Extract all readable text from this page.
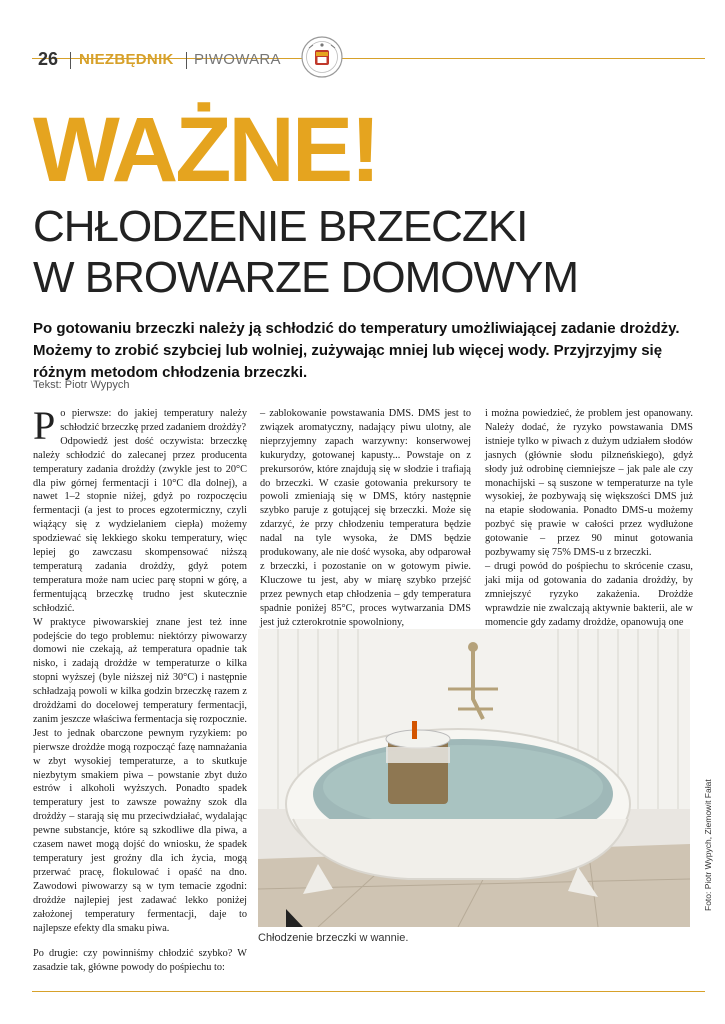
26 NIEZBĘDNIK PIWOWARA
WAŻNE!
CHŁODZENIE BRZECZKI
W BROWARZE DOMOWYM
Po gotowaniu brzeczki należy ją schłodzić do temperatury umożliwiającej zadanie drożdży. Możemy to zrobić szybciej lub wolniej, zużywając mniej lub więcej wody. Przyjrzyjmy się różnym metodom chłodzenia brzeczki.
Tekst: Piotr Wypych

Po pierwsze: do jakiej temperatury należy schłodzić brzeczkę przed zadaniem drożdży?

Odpowiedź jest dość oczywista: brzeczkę należy schłodzić do zalecanej przez producenta temperatury zadania drożdży (zwykle jest to 20°C dla piw górnej fermentacji i 10°C dla dolnej), a nawet 1–2 stopnie niżej, gdyż po rozpoczęciu fermentacji (a jest to proces egzotermiczny, czyli wiążący się z wydzielaniem ciepła) możemy spodziewać się lekkiego skoku temperatury, więc lepiej go zawczasu skompensować niższą temperaturą zadania drożdży, gdyż potem temperatura może nam uciec parę stopni w górę, a fermentującą brzeczkę trudno jest skutecznie schłodzić.

W praktyce piwowarskiej znane jest też inne podejście do tego problemu: niektórzy piwowarzy domowi nie czekają, aż temperatura opadnie tak nisko, i zadają drożdże w temperaturze o kilka stopni wyższej (byle niższej niż 30°C) i następnie schładzają powoli w kilka godzin brzeczkę razem z drożdżami do docelowej temperatury fermentacji, zanim jeszcze właściwa fermentacja się rozpocznie. Jest to jednak obarczone pewnym ryzykiem: po pierwsze drożdże mogą rozpocząć fazę namnażania w zbyt wysokiej temperaturze, a to skutkuje niezbytym smakiem piwa – powstanie zbyt dużo estrów i alkoholi wyższych. Ponadto spadek temperatury jest to zawsze poważny szok dla drożdży – starają się mu przeciwdziałać, wydalając pewne substancje, które są szkodliwe dla piwa, a czasem nawet mogą dojść do wniosku, że spadek temperatury jest groźny dla ich życia, mogą przerwać pracę, flokulować i opaść na dno. Zawodowi piwowarzy są w tym temacie zgodni: drożdże najlepiej jest zadawać lekko poniżej założonej temperatury fermentacji, daje to najlepsze efekty dla smaku piwa.

Po drugie: czy powinniśmy chłodzić szybko? W zasadzie tak, główne powody do pośpiechu to:

– zablokowanie powstawania DMS. DMS jest to związek aromatyczny, nadający piwu ulotny, ale nieprzyjemny zapach warzywny: konserwowej kukurydzy, gotowanej kapusty... Powstaje on z prekursorów, które znajdują się w słodzie i trafiają do brzeczki. W czasie gotowania prekursory te powoli zmieniają się w DMS, który następnie szybko paruje z gotującej się brzeczki. Może się zdarzyć, że przy chłodzeniu temperatura będzie nadal na tyle wysoka, że DMS będzie produkowany, ale nie dość wysoka, aby odparował z brzeczki, i pozostanie on w gotowym piwie. Kluczowe tu jest, aby w miarę szybko przejść przez pewnych etap chłodzenia – gdy temperatura spadnie poniżej 85°C, proces wytwarzania DMS jest już czterokrotnie spowolniony,

i można powiedzieć, że problem jest opanowany. Należy dodać, że ryzyko powstawania DMS istnieje tylko w piwach z dużym udziałem słodów jasnych (głównie słodu pilzneńskiego), gdyż słody już odrobinę ciemniejsze – jak pale ale czy monachijski – są suszone w temperaturze na tyle wysokiej, że pozbywają się większości DMS już na etapie słodowania. Ponadto DMS-u możemy pozbyć się prawie w całości przez wydłużone gotowanie – przez 90 minut gotowania pozbywamy się 75% DMS-u z brzeczki.

– drugi powód do pośpiechu to skrócenie czasu, jaki mija od gotowania do zadania drożdży, by zmniejszyć ryzyko zakażenia. Drożdże wprawdzie nie zwalczają aktywnie bakterii, ale w momencie gdy zadamy drożdże, opanowują one

Chłodzenie brzeczki w wannie.
Foto: Piotr Wypych, Ziemowit Fałat
